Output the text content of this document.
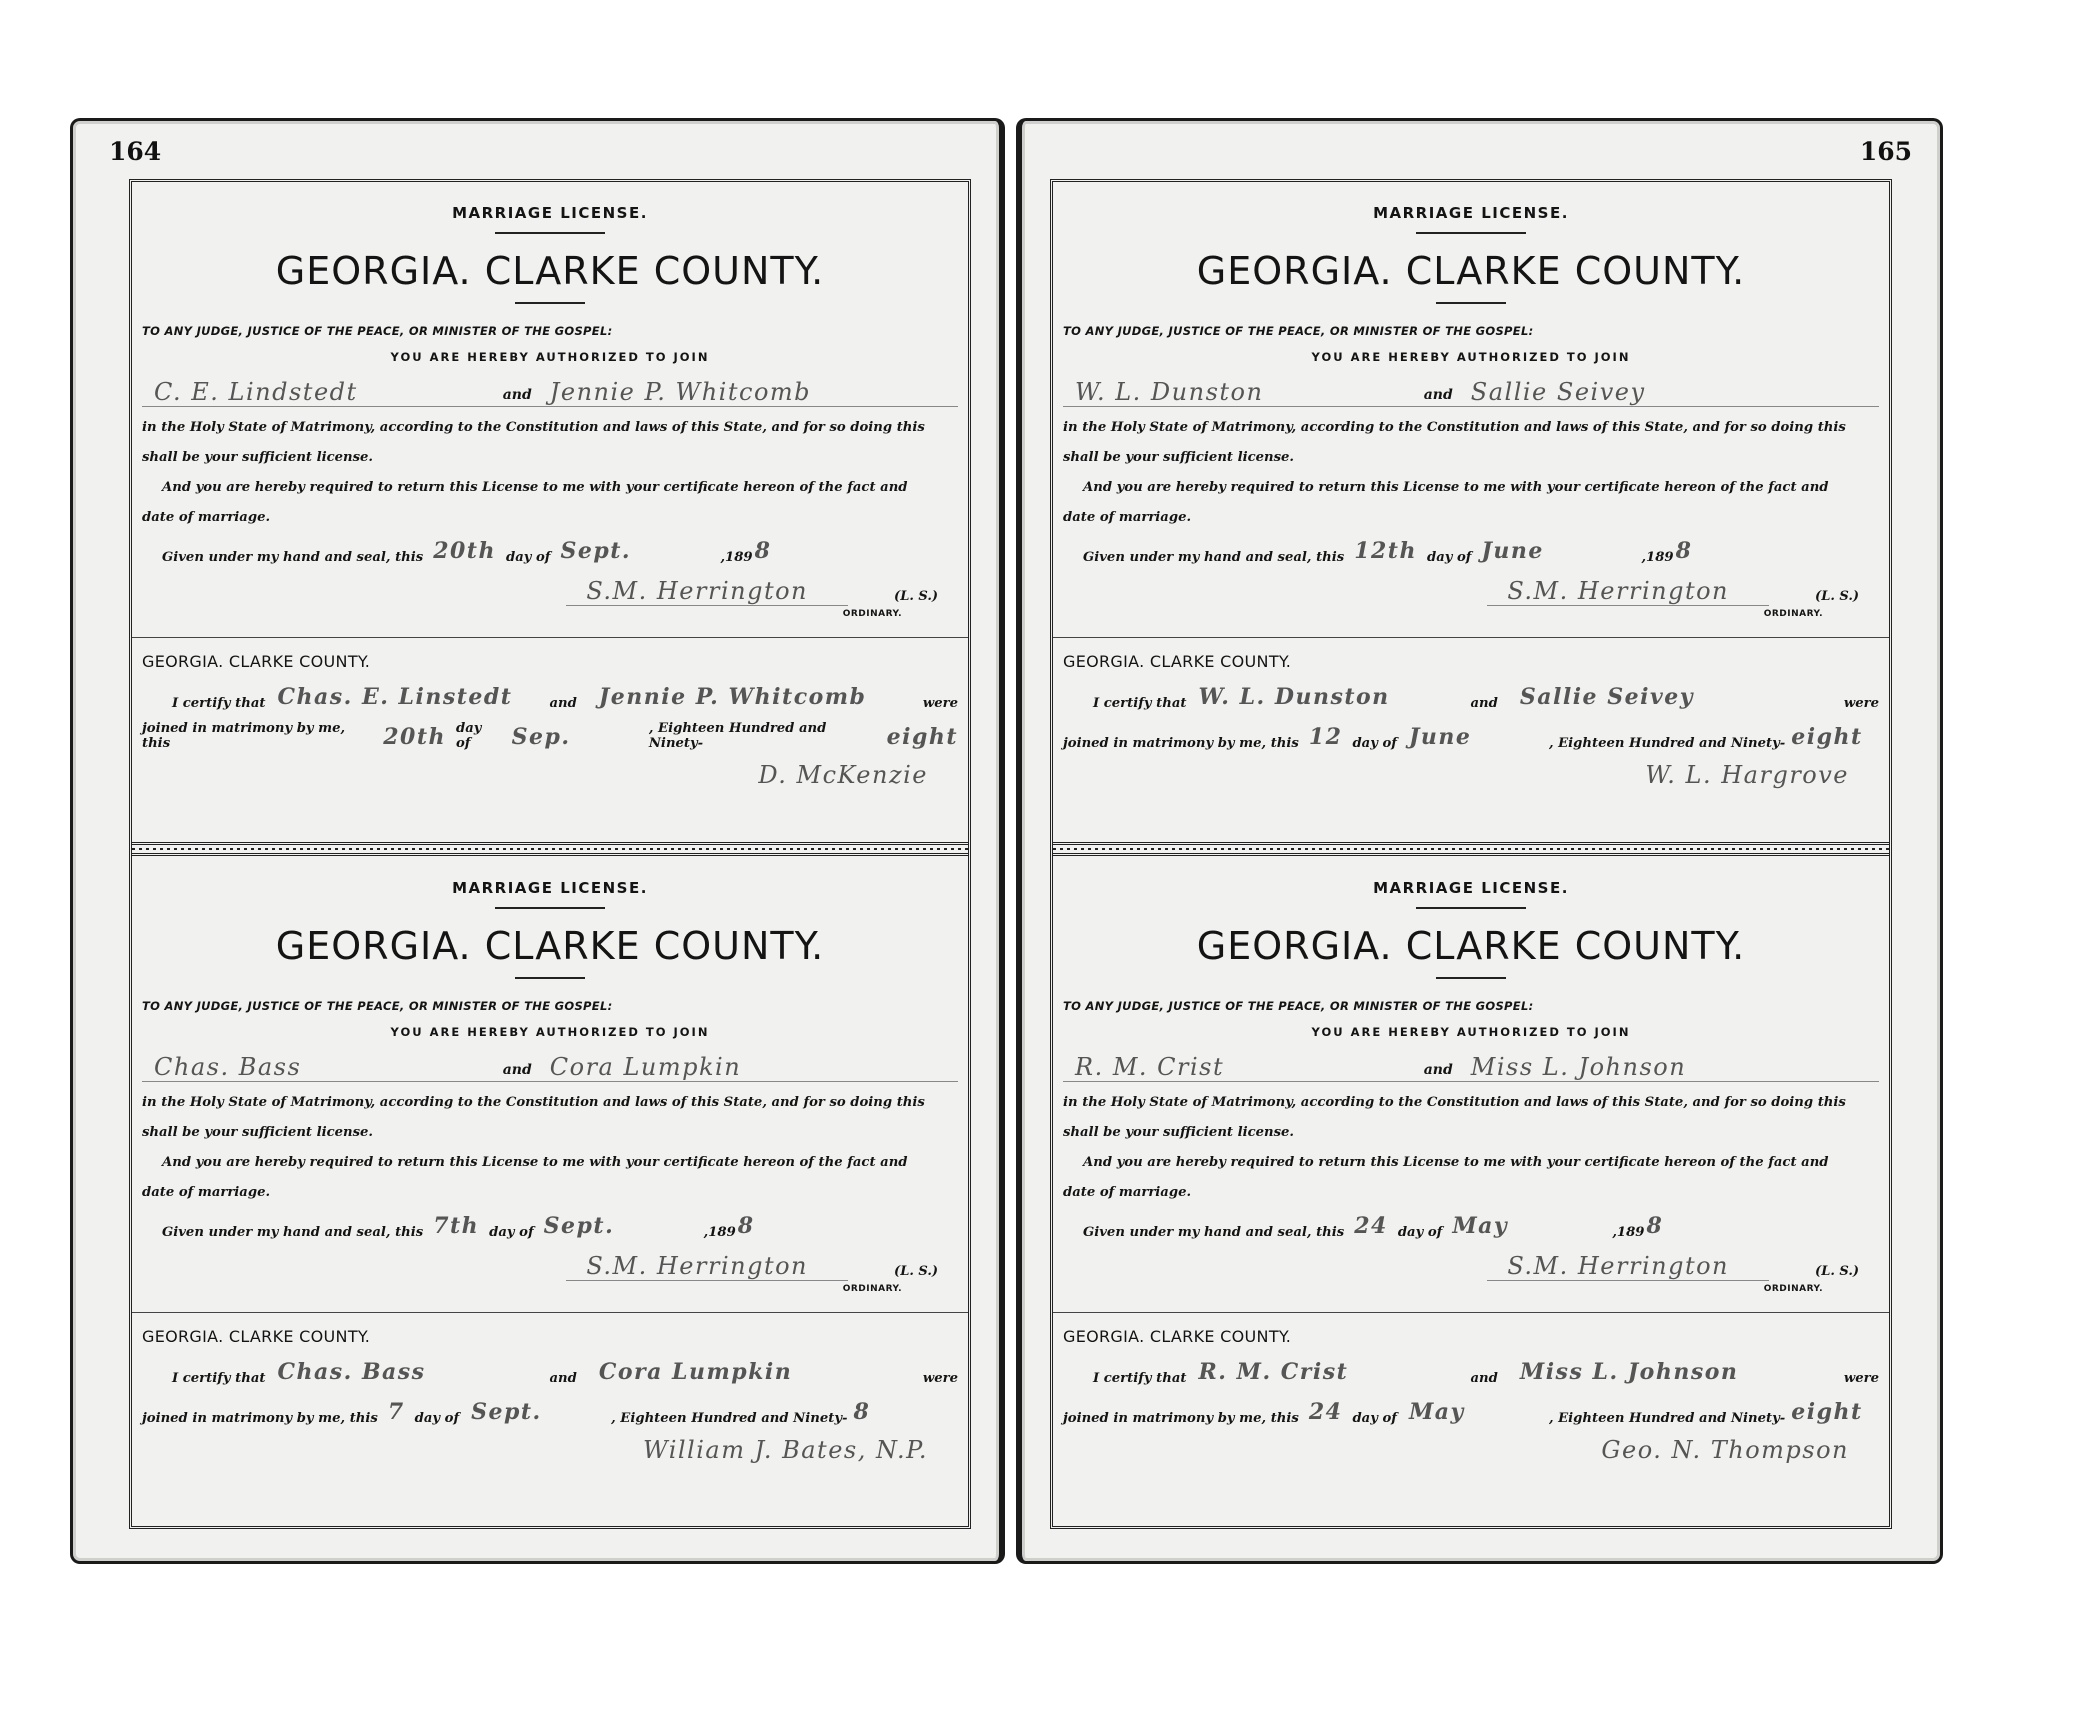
164
MARRIAGE LICENSE.
GEORGIA. CLARKE COUNTY.
TO ANY JUDGE, JUSTICE OF THE PEACE, OR MINISTER OF THE GOSPEL:
YOU ARE HEREBY AUTHORIZED TO JOIN
C. E. Lindstedt	and Jennie P. Whitcomb
in the Holy State of Matrimony, according to the Constitution and laws of this State, and for so doing this
shall be your sufficient license.
And you are hereby required to return this License to me with your certificate hereon of the fact and
date of marriage.
Given under my hand and seal, this 20th day of Sept.	,189 8
S.M. Herrington	(L. S.)
ORDINARY.
GEORGIA. CLARKE COUNTY.
I certify that Chas. E. Linstedt	and	Jennie P. Whitcomb	were
joined in matrimony by me, this	20th day of	Sep.	, Eighteen Hundred and Ninety-	eight
D. McKenzie
MARRIAGE LICENSE.
GEORGIA. CLARKE COUNTY.
TO ANY JUDGE, JUSTICE OF THE PEACE, OR MINISTER OF THE GOSPEL:
YOU ARE HEREBY AUTHORIZED TO JOIN
Chas. Bass	and Cora Lumpkin
in the Holy State of Matrimony, according to the Constitution and laws of this State, and for so doing this
shall be your sufficient license.
And you are hereby required to return this License to me with your certificate hereon of the fact and
date of marriage.
Given under my hand and seal, this 7th day of Sept.	,189 8
S.M. Herrington	(L. S.)
ORDINARY.
GEORGIA. CLARKE COUNTY.
I certify that Chas. Bass	and	Cora Lumpkin	were
joined in matrimony by me, this 7 day of Sept.	, Eighteen Hundred and Ninety- 8
William J. Bates, N.P.
165
MARRIAGE LICENSE.
GEORGIA. CLARKE COUNTY.
TO ANY JUDGE, JUSTICE OF THE PEACE, OR MINISTER OF THE GOSPEL:
YOU ARE HEREBY AUTHORIZED TO JOIN
W. L. Dunston	and Sallie Seivey
in the Holy State of Matrimony, according to the Constitution and laws of this State, and for so doing this
shall be your sufficient license.
And you are hereby required to return this License to me with your certificate hereon of the fact and
date of marriage.
Given under my hand and seal, this 12th day of June	,189 8
S.M. Herrington	(L. S.)
ORDINARY.
GEORGIA. CLARKE COUNTY.
I certify that W. L. Dunston	and	Sallie Seivey	were
joined in matrimony by me, this 12 day of June	, Eighteen Hundred and Ninety- eight
W. L. Hargrove
MARRIAGE LICENSE.
GEORGIA. CLARKE COUNTY.
TO ANY JUDGE, JUSTICE OF THE PEACE, OR MINISTER OF THE GOSPEL:
YOU ARE HEREBY AUTHORIZED TO JOIN
R. M. Crist	and Miss L. Johnson
in the Holy State of Matrimony, according to the Constitution and laws of this State, and for so doing this
shall be your sufficient license.
And you are hereby required to return this License to me with your certificate hereon of the fact and
date of marriage.
Given under my hand and seal, this 24 day of May	,189 8
S.M. Herrington	(L. S.)
ORDINARY.
GEORGIA. CLARKE COUNTY.
I certify that R. M. Crist	and	Miss L. Johnson	were
joined in matrimony by me, this 24 day of May	, Eighteen Hundred and Ninety- eight
Geo. N. Thompson
